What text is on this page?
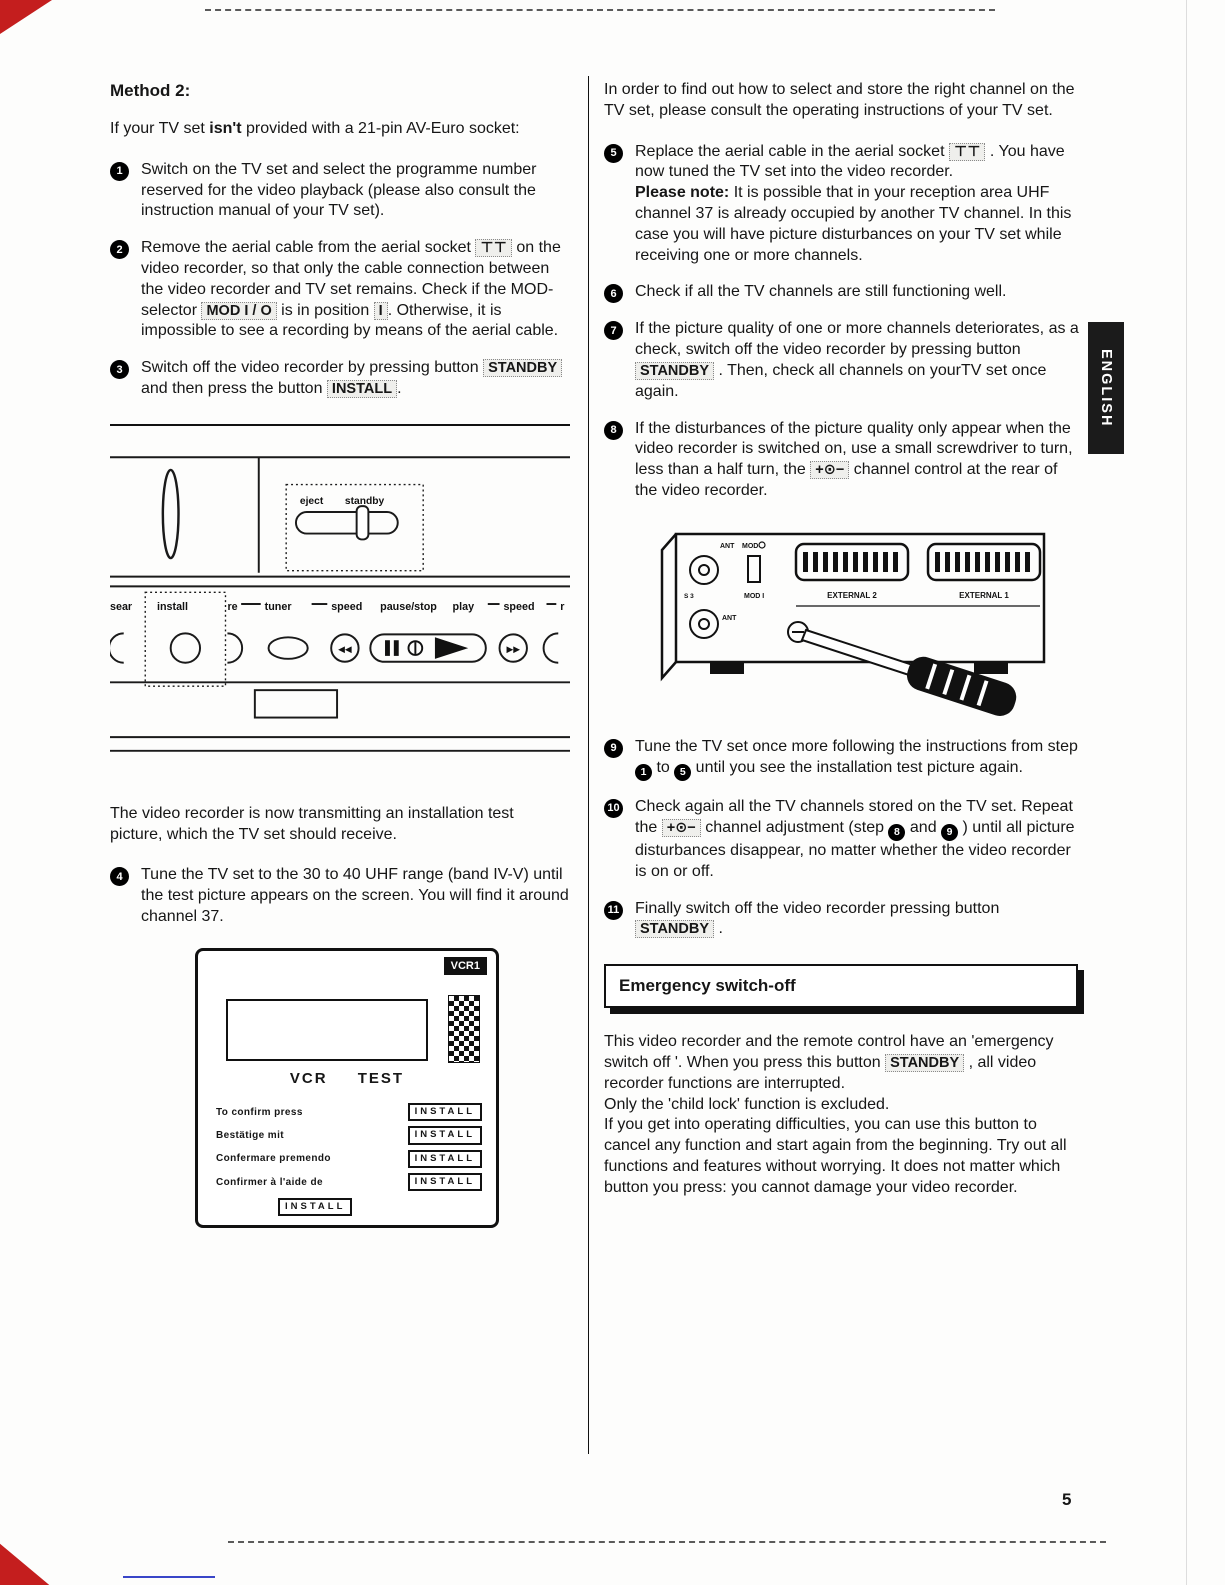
ENGLISH
5
Method 2:

If your TV set isn't provided with a 21-pin AV-Euro socket:

1	Switch on the TV set and select the programme number reserved for the video playback (please also consult the instruction manual of your TV set).
2	Remove the aerial cable from the aerial socket ⊤⊤ on the video recorder, so that only the cable connection between the video recorder and TV set remains. Check if the MOD-selector MOD I / O is in position I . Otherwise, it is impossible to see a recording by means of the aerial cable.
3	Switch off the video recorder by pressing button STANDBY and then press the button INSTALL .
◀◀	▶▶
eject standby
sear install	re tuner	speed pause/stop play	speed r

The video recorder is now transmitting an installation test picture, which the TV set should receive.

4	Tune the TV set to the 30 to 40 UHF range (band IV-V) until the test picture appears on the screen. You will find it around channel 37.
VCR1
VCR TEST
To confirm press	INSTALL
Bestätige mit	INSTALL
Confermare premendo	INSTALL
Confirmer à l'aide de	INSTALL
INSTALL

In order to find out how to select and store the right channel on the TV set, please consult the operating instructions of your TV set.

5	Replace the aerial cable in the aerial socket ⊤⊤ . You have now tuned the TV set into the video recorder.
Please note: It is possible that in your reception area UHF channel 37 is already occupied by another TV channel. In this case you will have picture disturbances on your TV set while receiving one or more channels.
6	Check if all the TV channels are still functioning well.
7	If the picture quality of one or more channels deteriorates, as a check, switch off the video recorder by pressing button STANDBY . Then, check all channels on yourTV set once again.
8	If the disturbances of the picture quality only appear when the video recorder is switched on, use a small screwdriver to turn, less than a half turn, the +⊙− channel control at the rear of the video recorder.
ANT MOD
S 3	MOD I
ANT
EXTERNAL 2	EXTERNAL 1
9	Tune the TV set once more following the instructions from step 1 to 5 until you see the installation test picture again.
10 Check again all the TV channels stored on the TV set. Repeat the +⊙− channel adjustment (step 8 and 9 ) until all picture disturbances disappear, no matter whether the video recorder is on or off.
11 Finally switch off the video recorder pressing button STANDBY .
Emergency switch-off

This video recorder and the remote control have an 'emergency switch off '. When you press this button STANDBY , all video recorder functions are interrupted.
Only the 'child lock' function is excluded.
If you get into operating difficulties, you can use this button to cancel any function and start again from the beginning. Try out all functions and features without worrying. It does not matter which button you press: you cannot damage your video recorder.
